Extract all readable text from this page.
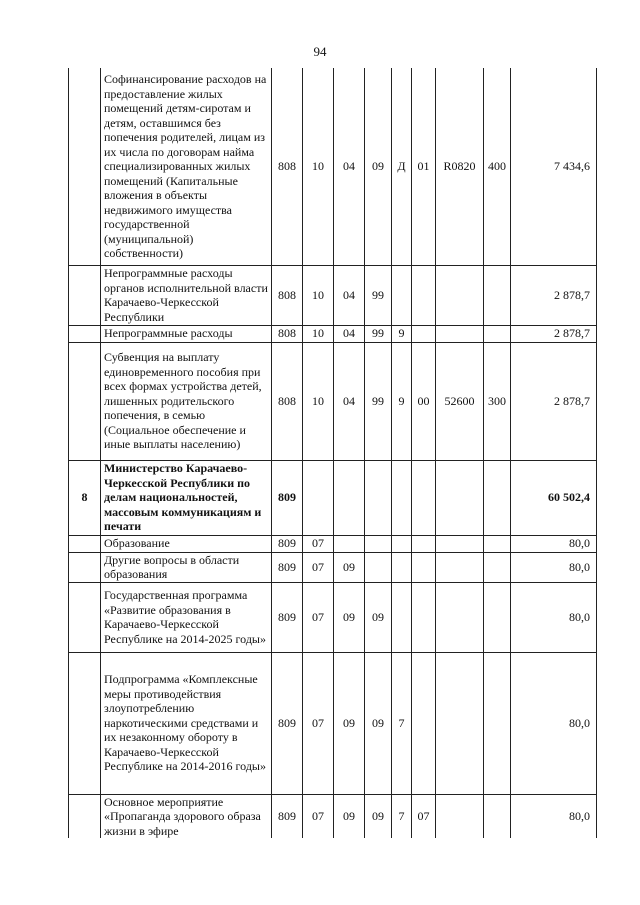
94
	Софинансирование расходов на предоставление жилых помещений детям-сиротам и детям, оставшимся без попечения родителей, лицам из их числа по договорам найма специализированных жилых помещений (Капитальные вложения в объекты недвижимого имущества государственной (муниципальной) собственности)	808	10	04	09	Д	01	R0820	400	7 434,6
	Непрограммные расходы органов исполнительной власти Карачаево-Черкесской Республики	808	10	04	99					2 878,7
	Непрограммные расходы	808	10	04	99	9				2 878,7
	Субвенция на выплату единовременного пособия при всех формах устройства детей, лишенных родительского попечения, в семью (Социальное обеспечение и иные выплаты населению)	808	10	04	99	9	00	52600	300	2 878,7
8	Министерство Карачаево-Черкесской Республики по делам национальностей, массовым коммуникациям и печати	809								60 502,4
	Образование	809	07							80,0
	Другие вопросы в области образования	809	07	09						80,0
	Государственная программа «Развитие образования в Карачаево-Черкесской Республике на 2014-2025 годы»	809	07	09	09					80,0
	Подпрограмма «Комплексные меры противодействия злоупотреблению наркотическими средствами и их незаконному обороту в Карачаево-Черкесской Республике на 2014-2016 годы»	809	07	09	09	7				80,0
	Основное мероприятие «Пропаганда здорового образа жизни в эфире	809	07	09	09	7	07			80,0
